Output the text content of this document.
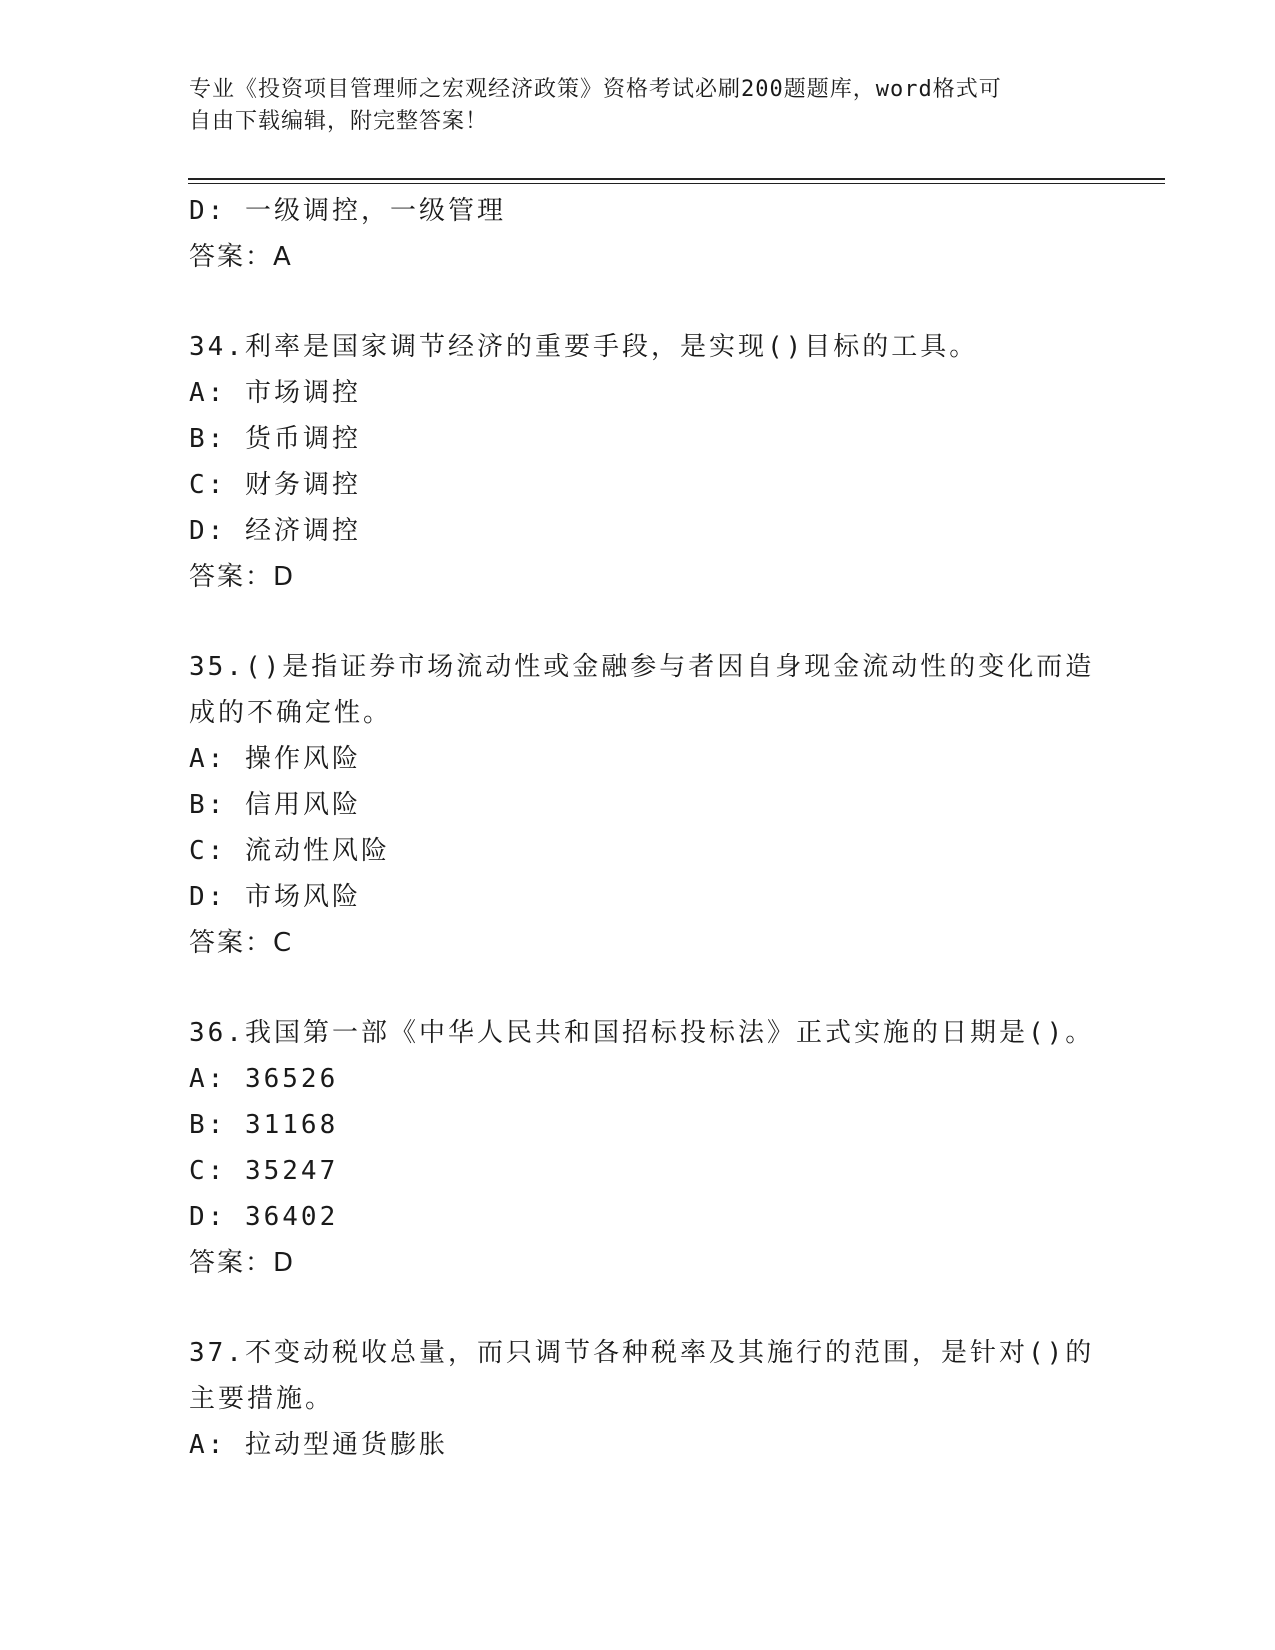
专业《投资项目管理师之宏观经济政策》资格考试必刷200题题库，word格式可
自由下载编辑，附完整答案！
D: 一级调控，一级管理
答案：A
34.利率是国家调节经济的重要手段，是实现()目标的工具。
A: 市场调控
B: 货币调控
C: 财务调控
D: 经济调控
答案：D
35.()是指证券市场流动性或金融参与者因自身现金流动性的变化而造
成的不确定性。
A: 操作风险
B: 信用风险
C: 流动性风险
D: 市场风险
答案：C
36.我国第一部《中华人民共和国招标投标法》正式实施的日期是()。
A: 36526
B: 31168
C: 35247
D: 36402
答案：D
37.不变动税收总量，而只调节各种税率及其施行的范围，是针对()的
主要措施。
A: 拉动型通货膨胀
